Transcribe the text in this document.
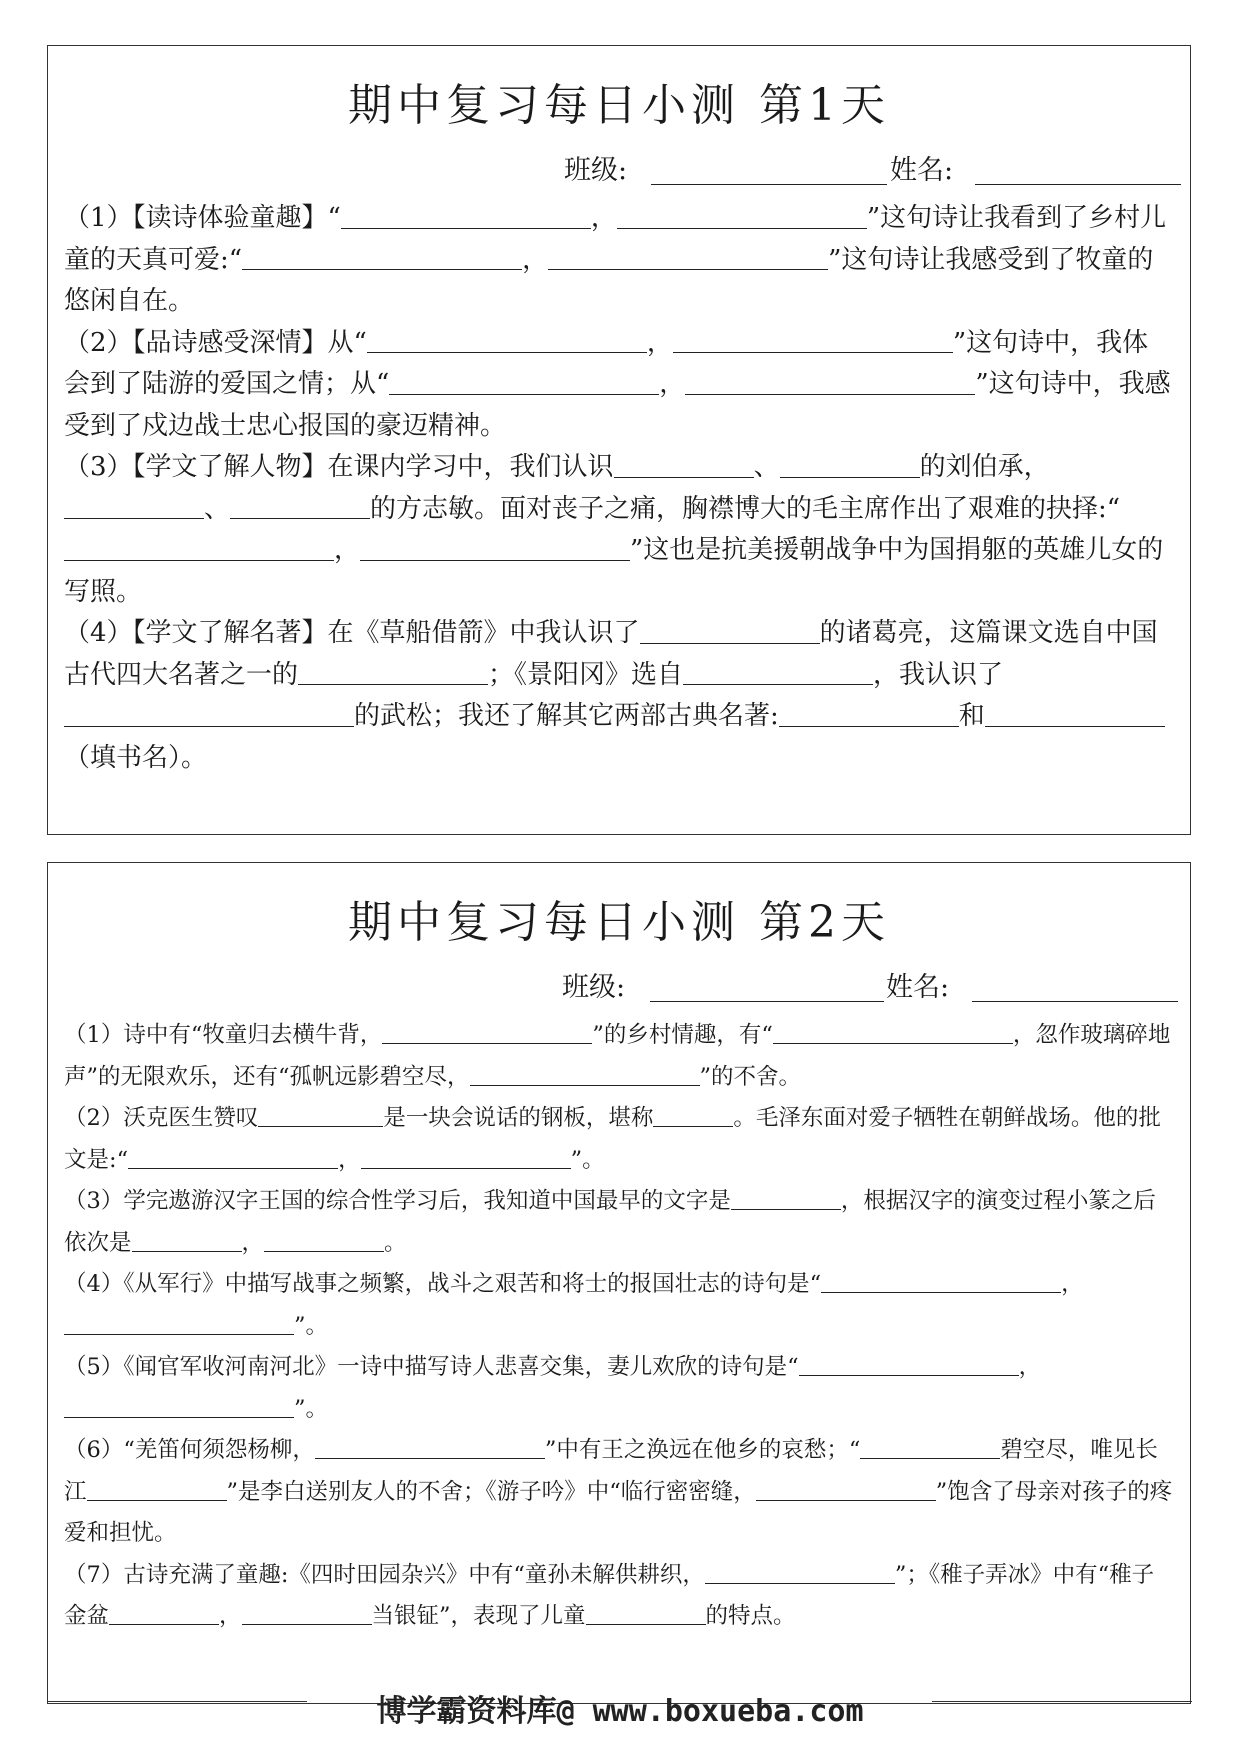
期中复习每日小测 第1天
班级:	姓名:

（1）【读诗体验童趣】“	，	”这句诗让我看到了乡村儿童的天真可爱:“	，	”这句诗让我感受到了牧童的悠闲自在。

（2）【品诗感受深情】从“	，	”这句诗中，我体会到了陆游的爱国之情；从“	，	”这句诗中，我感受到了戍边战士忠心报国的豪迈精神。

（3）【学文了解人物】在课内学习中，我们认识	、	的刘伯承，、	的方志敏。面对丧子之痛，胸襟博大的毛主席作出了艰难的抉择:“，	”这也是抗美援朝战争中为国捐躯的英雄儿女的写照。

（4）【学文了解名著】在《草船借箭》中我认识了	的诸葛亮，这篇课文选自中国古代四大名著之一的	；《景阳冈》选自	，我认识了的武松；我还了解其它两部古典名著:	和（填书名）。

期中复习每日小测 第2天
班级:	姓名:

（1）诗中有“牧童归去横牛背，	”的乡村情趣，有“	，忽作玻璃碎地声”的无限欢乐，还有“孤帆远影碧空尽，	”的不舍。

（2）沃克医生赞叹	是一块会说话的钢板，堪称	。毛泽东面对爱子牺牲在朝鲜战场。他的批文是:“	，	”。

（3）学完遨游汉字王国的综合性学习后，我知道中国最早的文字是	，根据汉字的演变过程小篆之后依次是	，	。

（4）《从军行》中描写战事之频繁，战斗之艰苦和将士的报国壮志的诗句是“	，”。

（5）《闻官军收河南河北》一诗中描写诗人悲喜交集，妻儿欢欣的诗句是“	，”。

（6）“羌笛何须怨杨柳，	”中有王之涣远在他乡的哀愁；“	碧空尽，唯见长江	”是李白送别友人的不舍；《游子吟》中“临行密密缝，	”饱含了母亲对孩子的疼爱和担忧。

（7）古诗充满了童趣:《四时田园杂兴》中有“童孙未解供耕织，	”；《稚子弄冰》中有“稚子金盆	，	当银钲”，表现了儿童	的特点。

博学霸资料库@ www.boxueba.com
